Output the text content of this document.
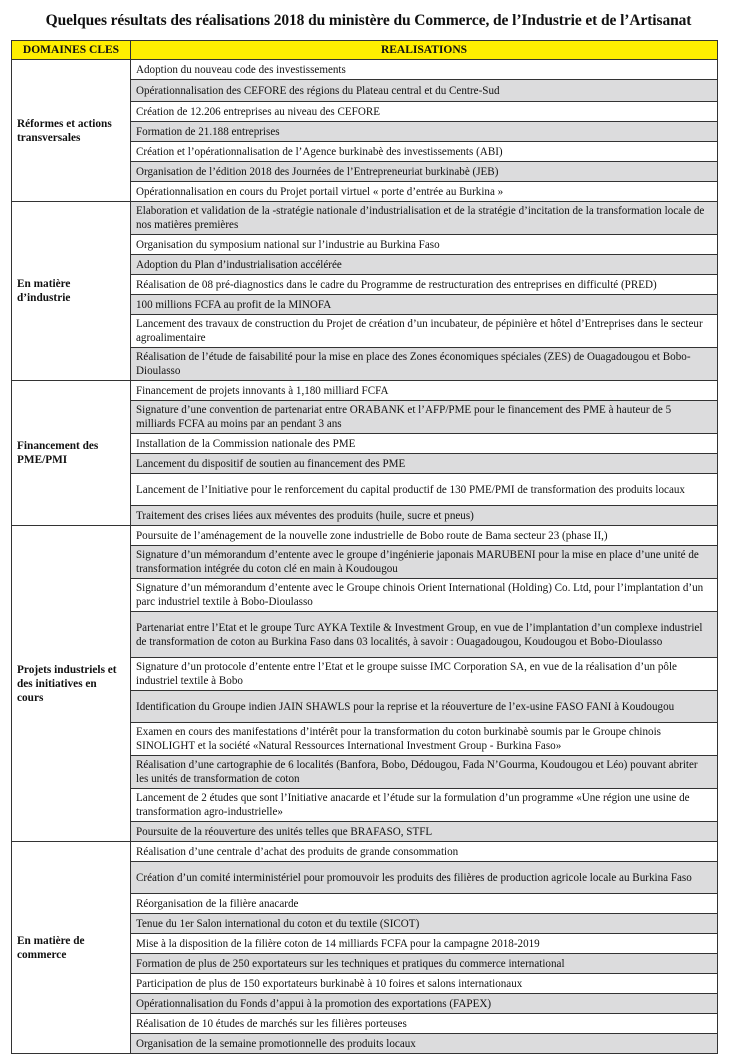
Quelques résultats des réalisations 2018 du ministère du Commerce, de l’Industrie et de l’Artisanat
DOMAINES CLES	REALISATIONS
Réformes et actions transversales	Adoption du nouveau code des investissements
	Opérationnalisation des CEFORE des régions du Plateau central et du Centre-Sud
	Création de 12.206 entreprises au niveau des CEFORE
	Formation de 21.188 entreprises
	Création et l’opérationnalisation de l’Agence burkinabè des investissements (ABI)
	Organisation de l’édition 2018 des Journées de l’Entrepreneuriat burkinabè (JEB)
	Opérationnalisation en cours du Projet portail virtuel « porte d’entrée au Burkina »
En matière d’industrie	Elaboration et validation de la -stratégie nationale d’industrialisation et de la stratégie d’incitation de la transformation locale de nos matières premières
	Organisation du symposium national sur l’industrie au Burkina Faso
	Adoption du Plan d’industrialisation accélérée
	Réalisation de 08 pré-diagnostics dans le cadre du Programme de restructuration des entreprises en difficulté (PRED)
	100 millions FCFA au profit de la MINOFA
	Lancement des travaux de construction du Projet de création d’un incubateur, de pépinière et hôtel d’Entreprises dans le secteur agroalimentaire
	Réalisation de l’étude de faisabilité pour la mise en place des Zones économiques spéciales (ZES) de Ouagadougou et Bobo-Dioulasso
Financement des PME/PMI	Financement de projets innovants à 1,180 milliard FCFA
	Signature d’une convention de partenariat entre ORABANK et l’AFP/PME pour le financement des PME à hauteur de 5 milliards FCFA au moins par an pendant 3 ans
	Installation de la Commission nationale des PME
	Lancement du dispositif de soutien au financement des PME
	Lancement de l’Initiative pour le renforcement du capital productif de 130 PME/PMI de transformation des produits locaux
	Traitement des crises liées aux méventes des produits (huile, sucre et pneus)
Projets industriels et des initiatives en cours	Poursuite de l’aménagement de la nouvelle zone industrielle de Bobo route de Bama secteur 23 (phase II,)
	Signature d’un mémorandum d’entente avec le groupe d’ingénierie japonais MARUBENI pour la mise en place d’une unité de transformation intégrée du coton clé en main à Koudougou
	Signature d’un mémorandum d’entente avec le Groupe chinois Orient International (Holding) Co. Ltd, pour l’implantation d’un parc industriel textile à Bobo-Dioulasso
	Partenariat entre l’Etat et le groupe Turc AYKA Textile & Investment Group, en vue de l’implantation d’un complexe industriel de transformation de coton au Burkina Faso dans 03 localités, à savoir : Ouagadougou, Koudougou et Bobo-Dioulasso
	Signature d’un protocole d’entente entre l’Etat et le groupe suisse IMC Corporation SA, en vue de la réalisation d’un pôle industriel textile à Bobo
	Identification du Groupe indien JAIN SHAWLS pour la reprise et la réouverture de l’ex-usine FASO FANI à Koudougou
	Examen en cours des manifestations d’intérêt pour la transformation du coton burkinabè soumis par le Groupe chinois SINOLIGHT et la société «Natural Ressources International Investment Group - Burkina Faso»
	Réalisation d’une cartographie de 6 localités (Banfora, Bobo, Dédougou, Fada N’Gourma, Koudougou et Léo) pouvant abriter les unités de transformation de coton
	Lancement de 2 études que sont l’Initiative anacarde et l’étude sur la formulation d’un programme «Une région une usine de transformation agro-industrielle»
	Poursuite de la réouverture des unités telles que BRAFASO, STFL
En matière de commerce	Réalisation d’une centrale d’achat des produits de grande consommation
	Création d’un comité interministériel pour promouvoir les produits des filières de production agricole locale au Burkina Faso
	Réorganisation de la filière anacarde
	Tenue du 1er Salon international du coton et du textile (SICOT)
	Mise à la disposition de la filière coton de 14 milliards FCFA pour la campagne 2018-2019
	Formation de plus de 250 exportateurs sur les techniques et pratiques du commerce international
	Participation de plus de 150 exportateurs burkinabè à 10 foires et salons internationaux
	Opérationnalisation du Fonds d’appui à la promotion des exportations (FAPEX)
	Réalisation de 10 études de marchés sur les filières porteuses
	Organisation de la semaine promotionnelle des produits locaux
